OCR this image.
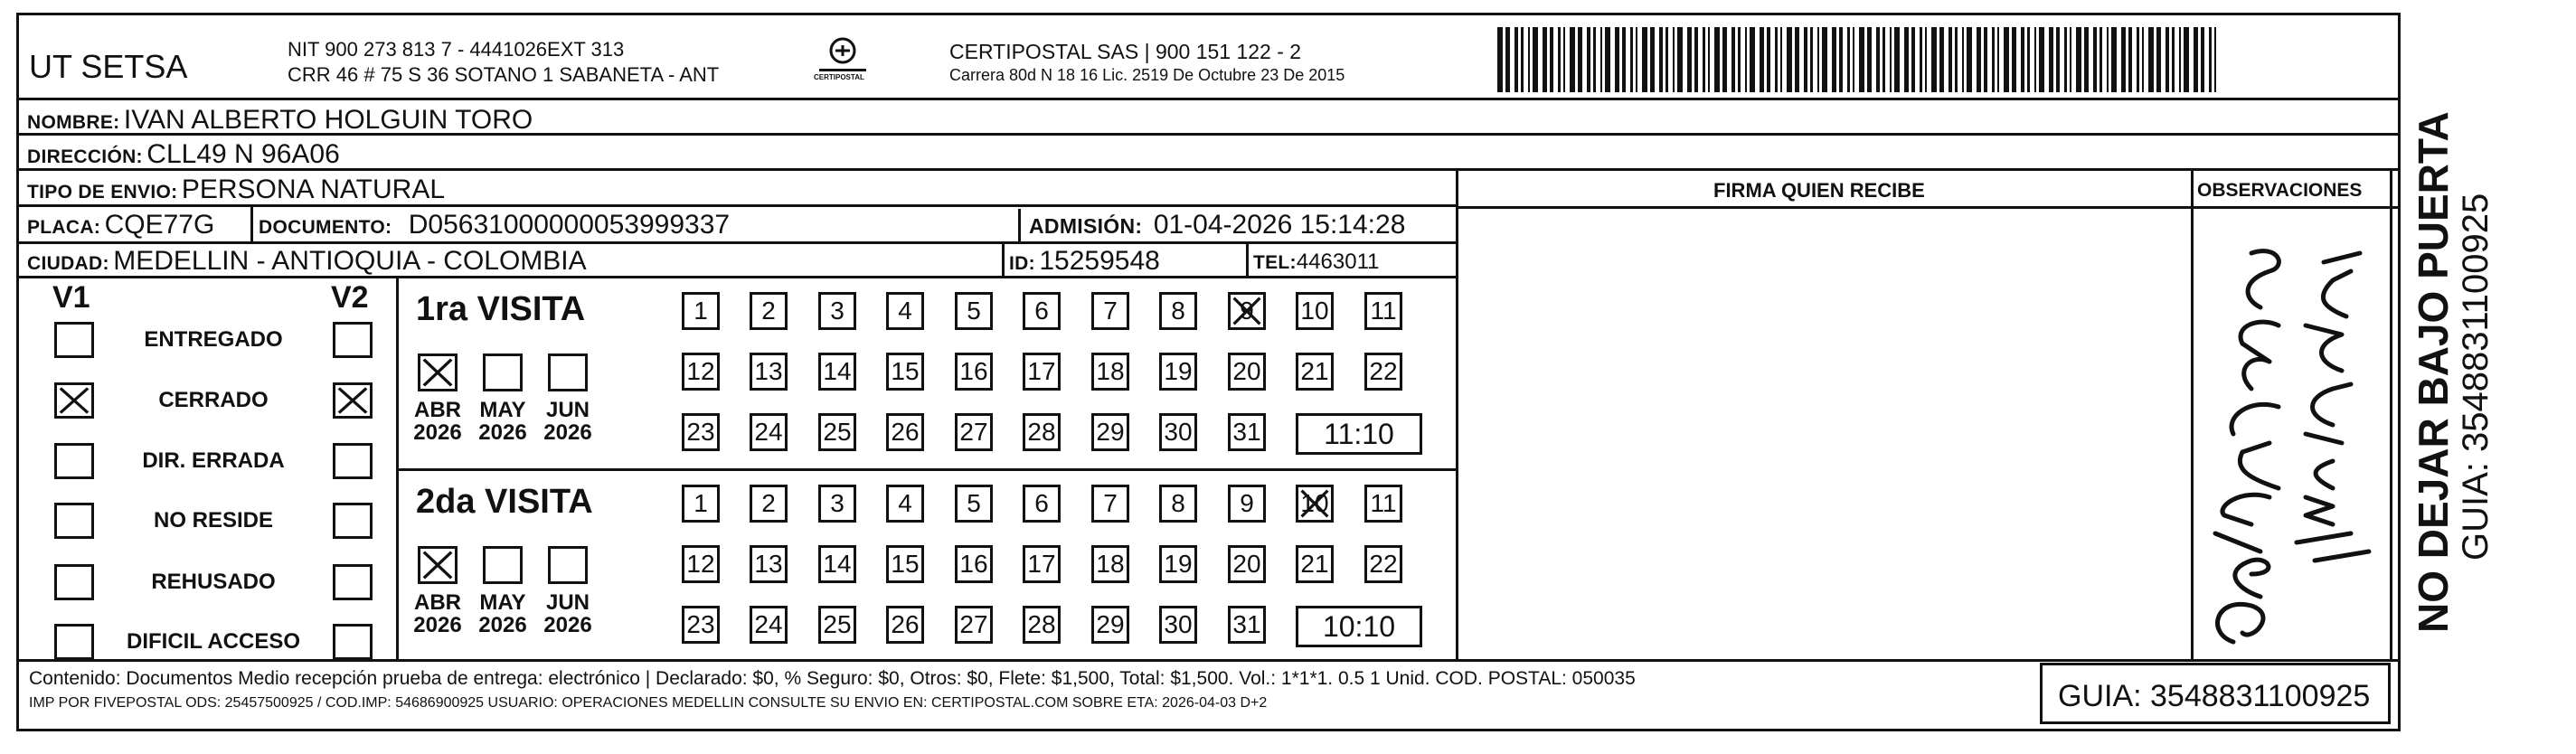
UT SETSA	NIT 900 273 813 7 - 4441026EXT 313
CRR 46 # 75 S 36 SOTANO 1 SABANETA - ANT	CERTIPOSTAL
CERTIPOSTAL SAS | 900 151 122 - 2
Carrera 80d N 18 16 Lic. 2519 De Octubre 23 De 2015
NOMBRE: IVAN ALBERTO HOLGUIN TORO
DIRECCIÓN: CLL49 N 96A06
TIPO DE ENVIO: PERSONA NATURAL
PLACA: CQE77G DOCUMENTO: D05631000000053999337	ADMISIÓN: 01-04-2026 15:14:28
CIUDAD: MEDELLIN - ANTIOQUIA - COLOMBIA	ID: 15259548	TEL:4463011
FIRMA QUIEN RECIBE	OBSERVACIONES
V1	V2
ENTREGADO
CERRADO
DIR. ERRADA
NO RESIDE
REHUSADO
DIFICIL ACCESO
1ra VISITA
ABR
2026
MAY
2026
JUN
2026
1 2 3 4 5 6 7 8 9 10 11
12 13 14 15 16 17 18 19 20 21 22
23 24 25 26 27 28 29 30 31	11:10
2da VISITA
ABR
2026
MAY
2026
JUN
2026
1 2 3 4 5 6 7 8 9 10 11
12 13 14 15 16 17 18 19 20 21 22
23 24 25 26 27 28 29 30 31	10:10
Contenido: Documentos Medio recepción prueba de entrega: electrónico | Declarado: $0, % Seguro: $0, Otros: $0, Flete: $1,500, Total: $1,500. Vol.: 1*1*1. 0.5 1 Unid. COD. POSTAL: 050035
IMP POR FIVEPOSTAL ODS: 25457500925 / COD.IMP: 54686900925 USUARIO: OPERACIONES MEDELLIN CONSULTE SU ENVIO EN: CERTIPOSTAL.COM SOBRE ETA: 2026-04-03 D+2	GUIA: 3548831100925
NO DEJAR BAJO PUERTA GUIA: 3548831100925
